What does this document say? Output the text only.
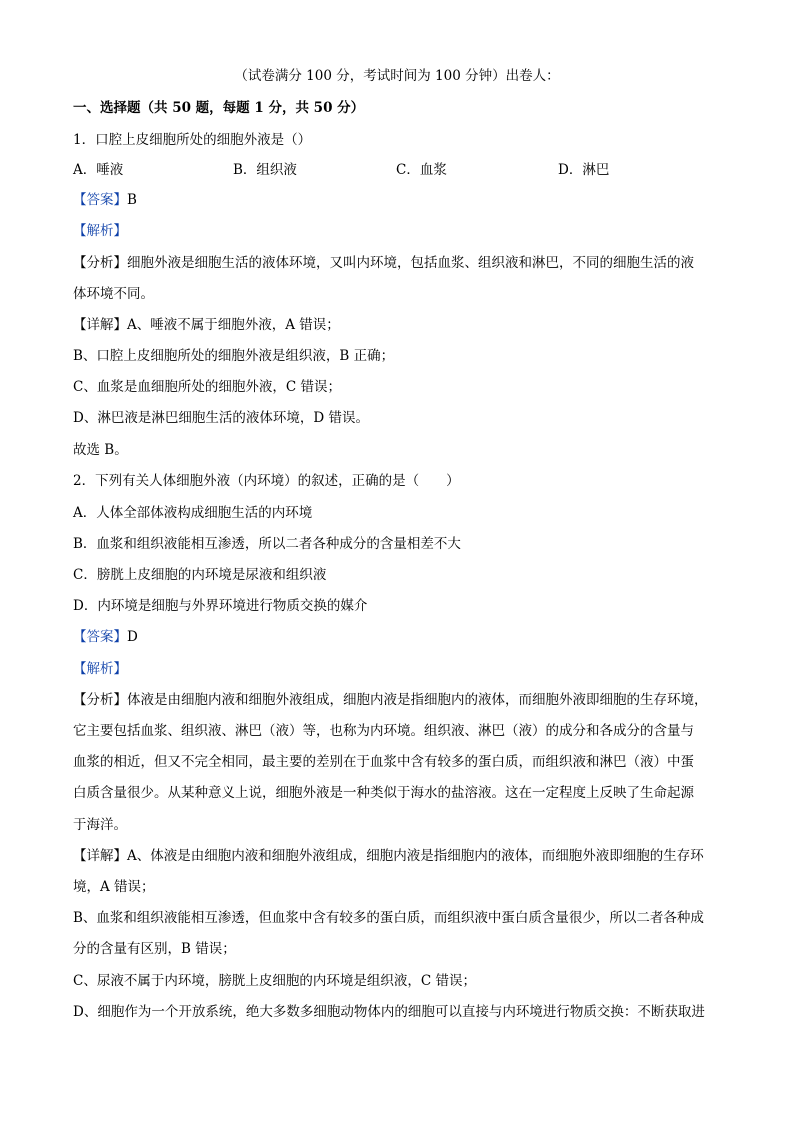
（试卷满分 100 分，考试时间为 100 分钟）出卷人：
一、选择题（共 50 题，每题 1 分，共 50 分）
1．口腔上皮细胞所处的细胞外液是（）
A．唾液	B．组织液	C．血浆	D．淋巴
【答案】B
【解析】
【分析】细胞外液是细胞生活的液体环境，又叫内环境，包括血浆、组织液和淋巴，不同的细胞生活的液
体环境不同。
【详解】A、唾液不属于细胞外液，A 错误；
B、口腔上皮细胞所处的细胞外液是组织液，B 正确；
C、血浆是血细胞所处的细胞外液，C 错误；
D、淋巴液是淋巴细胞生活的液体环境，D 错误。
故选 B。
2．下列有关人体细胞外液（内环境）的叙述，正确的是（　　）
A．人体全部体液构成细胞生活的内环境
B．血浆和组织液能相互渗透，所以二者各种成分的含量相差不大
C．膀胱上皮细胞的内环境是尿液和组织液
D．内环境是细胞与外界环境进行物质交换的媒介
【答案】D
【解析】
【分析】体液是由细胞内液和细胞外液组成，细胞内液是指细胞内的液体，而细胞外液即细胞的生存环境，
它主要包括血浆、组织液、淋巴（液）等，也称为内环境。组织液、淋巴（液）的成分和各成分的含量与
血浆的相近，但又不完全相同，最主要的差别在于血浆中含有较多的蛋白质，而组织液和淋巴（液）中蛋
白质含量很少。从某种意义上说，细胞外液是一种类似于海水的盐溶液。这在一定程度上反映了生命起源
于海洋。
【详解】A、体液是由细胞内液和细胞外液组成，细胞内液是指细胞内的液体，而细胞外液即细胞的生存环
境，A 错误；
B、血浆和组织液能相互渗透，但血浆中含有较多的蛋白质，而组织液中蛋白质含量很少，所以二者各种成
分的含量有区别，B 错误；
C、尿液不属于内环境，膀胱上皮细胞的内环境是组织液，C 错误；
D、细胞作为一个开放系统，绝大多数多细胞动物体内的细胞可以直接与内环境进行物质交换：不断获取进
